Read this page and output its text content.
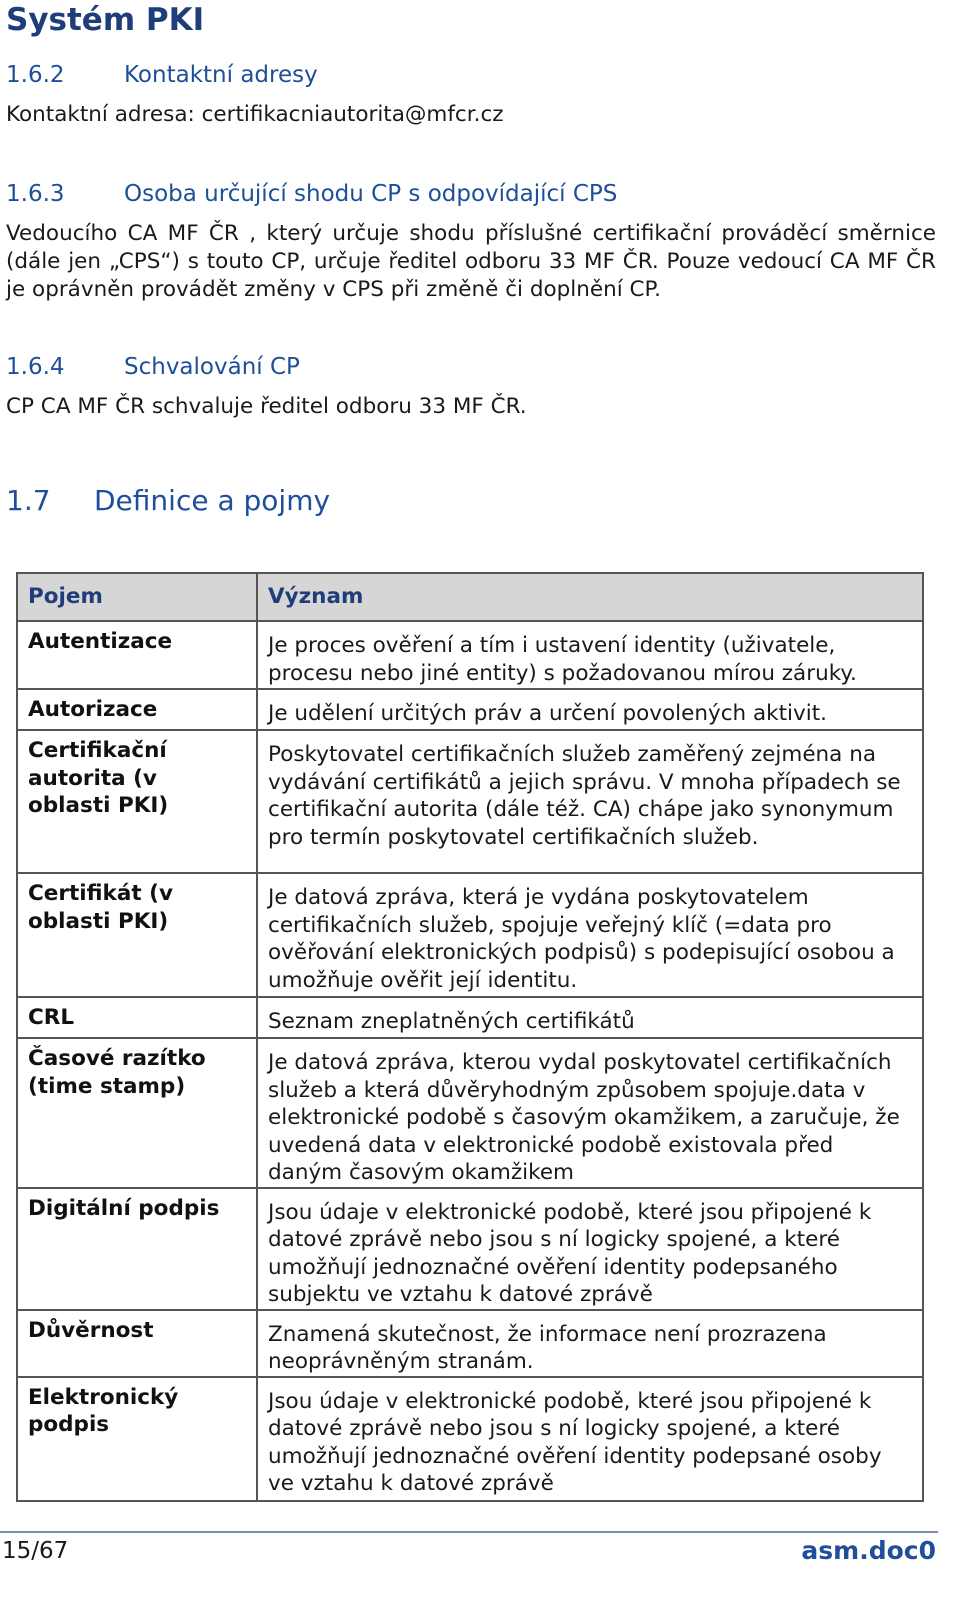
Systém PKI
1.6.2	Kontaktní adresy

Kontaktní adresa: certifikacniautorita@mfcr.cz

1.6.3	Osoba určující shodu CP s odpovídající CPS

Vedoucího CA MF ČR , který určuje shodu příslušné certifikační prováděcí směrnice (dále jen „CPS“) s touto CP, určuje ředitel odboru 33 MF ČR. Pouze vedoucí CA MF ČR je oprávněn provádět změny v CPS při změně či doplnění CP.

1.6.4	Schvalování CP

CP CA MF ČR schvaluje ředitel odboru 33 MF ČR.

1.7 Definice a pojmy
Pojem	Význam
Autentizace	Je proces ověření a tím i ustavení identity (uživatele, procesu nebo jiné entity) s požadovanou mírou záruky.
Autorizace	Je udělení určitých práv a určení povolených aktivit.
Certifikační autorita (v oblasti PKI)	Poskytovatel certifikačních služeb zaměřený zejména na vydávání certifikátů a jejich správu. V mnoha případech se certifikační autorita (dále též. CA) chápe jako synonymum pro termín poskytovatel certifikačních služeb.
Certifikát (v oblasti PKI)	Je datová zpráva, která je vydána poskytovatelem certifikačních služeb, spojuje veřejný klíč (=data pro ověřování elektronických podpisů) s podepisující osobou a umožňuje ověřit její identitu.
CRL	Seznam zneplatněných certifikátů
Časové razítko (time stamp)	Je datová zpráva, kterou vydal poskytovatel certifikačních služeb a která důvěryhodným způsobem spojuje.data v elektronické podobě s časovým okamžikem, a zaručuje, že uvedená data v elektronické podobě existovala před daným časovým okamžikem
Digitální podpis	Jsou údaje v elektronické podobě, které jsou připojené k datové zprávě nebo jsou s ní logicky spojené, a které umožňují jednoznačné ověření identity podepsaného subjektu ve vztahu k datové zprávě
Důvěrnost	Znamená skutečnost, že informace není prozrazena neoprávněným stranám.
Elektronický podpis	Jsou údaje v elektronické podobě, které jsou připojené k datové zprávě nebo jsou s ní logicky spojené, a které umožňují jednoznačné ověření identity podepsané osoby ve vztahu k datové zprávě
15/67	asm.doc0
